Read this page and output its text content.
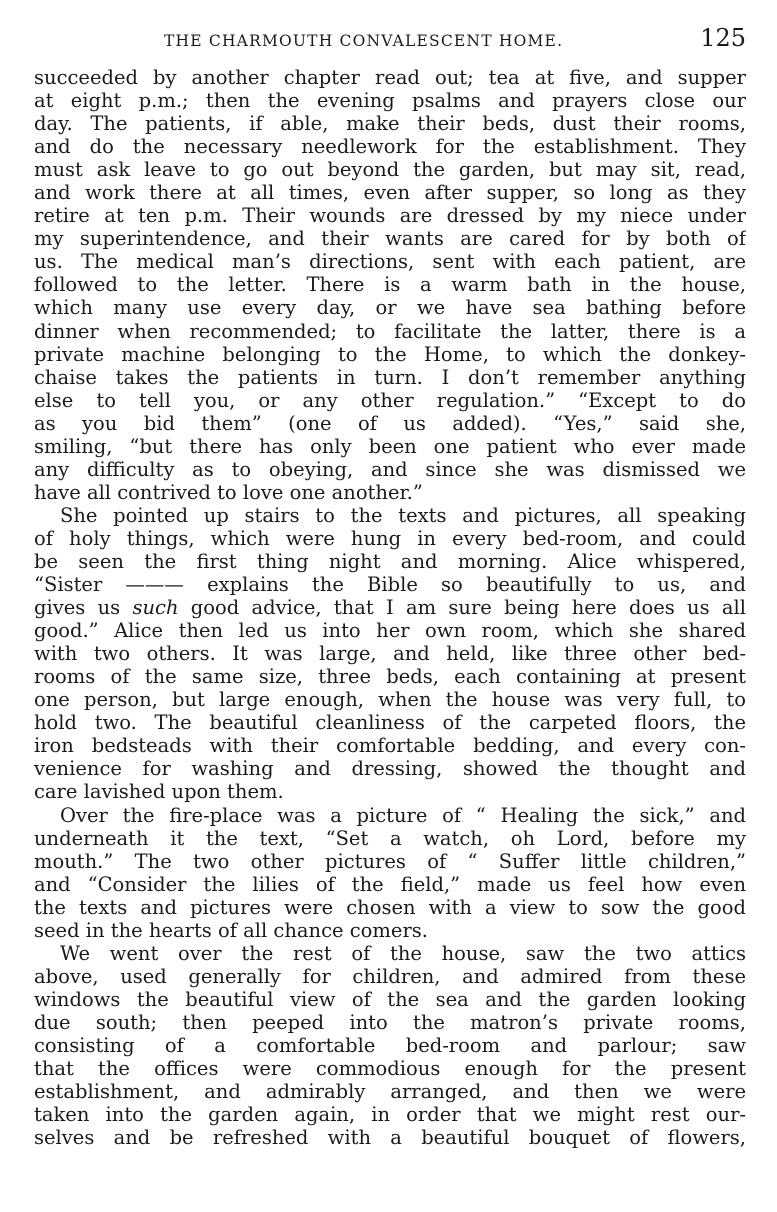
THE CHARMOUTH CONVALESCENT HOME.	125
succeeded by another chapter read out; tea at five, and supper
at eight p.m.; then the evening psalms and prayers close our
day. The patients, if able, make their beds, dust their rooms,
and do the necessary needlework for the establishment. They
must ask leave to go out beyond the garden, but may sit, read,
and work there at all times, even after supper, so long as they
retire at ten p.m. Their wounds are dressed by my niece under
my superintendence, and their wants are cared for by both of
us. The medical man’s directions, sent with each patient, are
followed to the letter. There is a warm bath in the house,
which many use every day, or we have sea bathing before
dinner when recommended; to facilitate the latter, there is a
private machine belonging to the Home, to which the donkey-
chaise takes the patients in turn. I don’t remember anything
else to tell you, or any other regulation.” “Except to do
as you bid them” (one of us added). “Yes,” said she,
smiling, “but there has only been one patient who ever made
any difficulty as to obeying, and since she was dismissed we
have all contrived to love one another.”
She pointed up stairs to the texts and pictures, all speaking
of holy things, which were hung in every bed-room, and could
be seen the first thing night and morning. Alice whispered,
“Sister ——— explains the Bible so beautifully to us, and
gives us such good advice, that I am sure being here does us all
good.” Alice then led us into her own room, which she shared
with two others. It was large, and held, like three other bed-
rooms of the same size, three beds, each containing at present
one person, but large enough, when the house was very full, to
hold two. The beautiful cleanliness of the carpeted floors, the
iron bedsteads with their comfortable bedding, and every con-
venience for washing and dressing, showed the thought and
care lavished upon them.
Over the fire-place was a picture of “ Healing the sick,” and
underneath it the text, “Set a watch, oh Lord, before my
mouth.” The two other pictures of “ Suffer little children,”
and “Consider the lilies of the field,” made us feel how even
the texts and pictures were chosen with a view to sow the good
seed in the hearts of all chance comers.
We went over the rest of the house, saw the two attics
above, used generally for children, and admired from these
windows the beautiful view of the sea and the garden looking
due south; then peeped into the matron’s private rooms,
consisting of a comfortable bed-room and parlour; saw
that the offices were commodious enough for the present
establishment, and admirably arranged, and then we were
taken into the garden again, in order that we might rest our-
selves and be refreshed with a beautiful bouquet of flowers,
